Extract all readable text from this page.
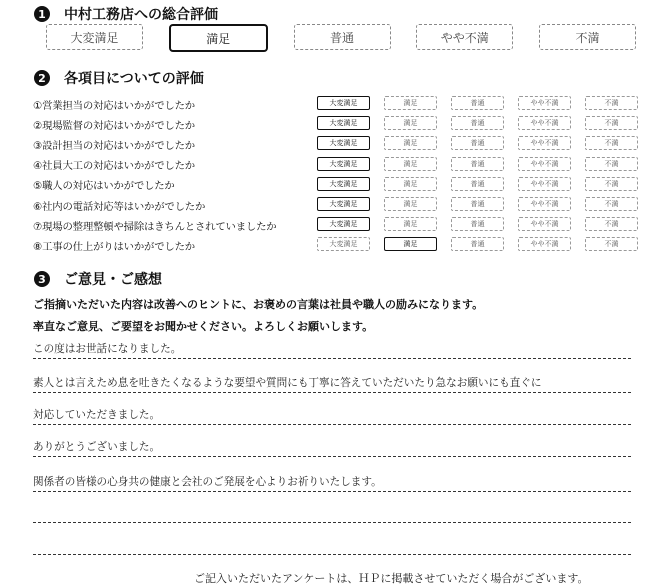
1 中村工務店への総合評価
大変満足	満足	普通	やや不満	不満
2 各項目についての評価
①営業担当の対応はいかがでしたか	大変満足	満足	普通	やや不満	不満
②現場監督の対応はいかがでしたか	大変満足	満足	普通	やや不満	不満
③設計担当の対応はいかがでしたか	大変満足	満足	普通	やや不満	不満
④社員大工の対応はいかがでしたか	大変満足	満足	普通	やや不満	不満
⑤職人の対応はいかがでしたか	大変満足	満足	普通	やや不満	不満
⑥社内の電話対応等はいかがでしたか	大変満足	満足	普通	やや不満	不満
⑦現場の整理整頓や掃除はきちんとされていましたか	大変満足	満足	普通	やや不満	不満
⑧工事の仕上がりはいかがでしたか	大変満足	満足	普通	やや不満	不満
3 ご意見・ご感想
ご指摘いただいた内容は改善へのヒントに、お褒めの言葉は社員や職人の励みになります。
率直なご意見、ご要望をお聞かせください。よろしくお願いします。
この度はお世話になりました。
素人とは言えため息を吐きたくなるような要望や質問にも丁寧に答えていただいたり急なお願いにも直ぐに
対応していただきました。
ありがとうございました。
関係者の皆様の心身共の健康と会社のご発展を心よりお祈りいたします。
ご記入いただいたアンケートは、ＨＰに掲載させていただく場合がございます。
